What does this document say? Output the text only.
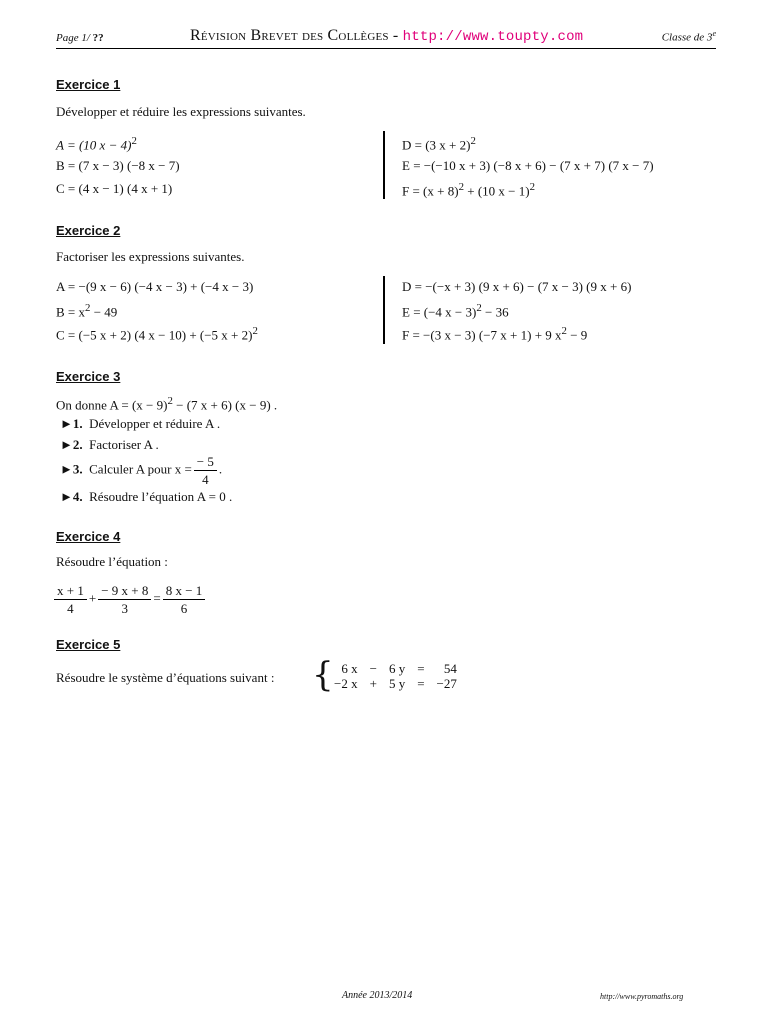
Page 1/ ??	Révision Brevet des Collèges - http://www.toupty.com	Classe de 3e
Exercice 1
Développer et réduire les expressions suivantes.
A = (10 x − 4)$^2$
B = (7 x − 3) (−8 x − 7)
C = (4 x − 1) (4 x + 1)
D = (3 x + 2)$^2$
E = −(−10 x + 3) (−8 x + 6) − (7 x + 7) (7 x − 7)
$F = (x + 8)^2 + (10$ x − 1)$^2$
Exercice 2
Factoriser les expressions suivantes.
A = −(9 x − 6) (−4 x − 3) + (−4 x − 3)
$B = x^2 - 49$
C = (−5 x + 2) (4 x − 10) + (−5 x + 2)$^2$
D = −(−x + 3) (9 x + 6) − (7 x − 3) (9 x + 6)
E = (−4 x − 3)$^2$ − 36
F = −(3 x − 3) (−7 x + 1) + 9 $x^2 - 9$
Exercice 3
On donne $A = (x - 9)^2 - (7$ x + 6) (x − 9) .
►1. Développer et réduire A .
►2. Factoriser A .
►3. Calculer A pour $x = \frac{- 5}{4}$ .
►4. Résoudre l’équation A = 0 .
Exercice 4
Résoudre l’équation :
$\frac{x + 1}{4} + \frac{- 9 x + 8}{3} = \frac{8 x - 1}{6}$
Exercice 5
Résoudre le système d’équations suivant : { 6 x	−	6 y	=	54
−2 x	+	5 y	=	−27
Année 2013/2014	http://www.pyromaths.org
